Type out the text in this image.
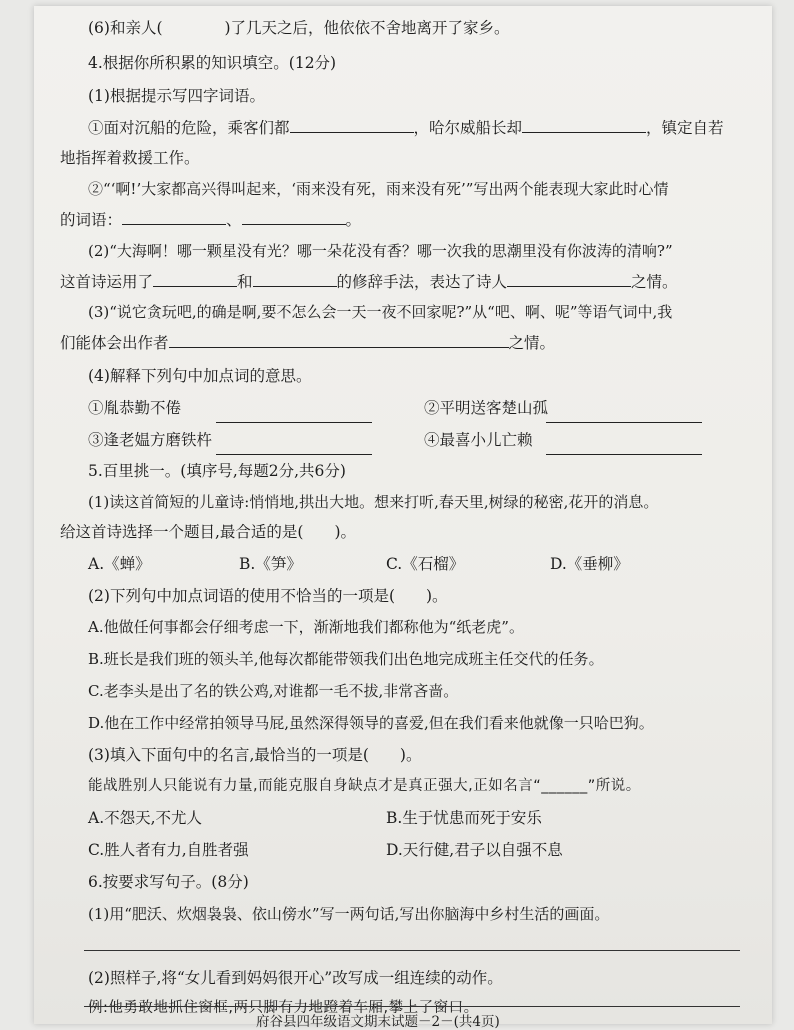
(6)和亲人(　　　　)了几天之后，他依依不舍地离开了家乡。
4.根据你所积累的知识填空。(12分)
(1)根据提示写四字词语。
①面对沉船的危险，乘客们都	，哈尔威船长却	，镇定自若
地指挥着救援工作。
②“‘啊!’大家都高兴得叫起来，‘雨来没有死，雨来没有死’”写出两个能表现大家此时心情
的词语：	、	。
(2)“大海啊！哪一颗星没有光？哪一朵花没有香？哪一次我的思潮里没有你波涛的清响?”
这首诗运用了	和	的修辞手法，表达了诗人	之情。
(3)“说它贪玩吧,的确是啊,要不怎么会一天一夜不回家呢?”从“吧、啊、呢”等语气词中,我
们能体会出作者	之情。
(4)解释下列句中加点词的意思。
①胤恭勤不倦	②平明送客楚山孤
③逢老媪方磨铁杵	④最喜小儿亡赖
5.百里挑一。(填序号,每题2分,共6分)
(1)读这首简短的儿童诗:悄悄地,拱出大地。想来打听,春天里,树绿的秘密,花开的消息。
给这首诗选择一个题目,最合适的是(　　)。
A.《蝉》	B.《笋》	C.《石榴》	D.《垂柳》
(2)下列句中加点词语的使用不恰当的一项是(　　)。
A.他做任何事都会仔细考虑一下，渐渐地我们都称他为“纸老虎”。
B.班长是我们班的领头羊,他每次都能带领我们出色地完成班主任交代的任务。
C.老李头是出了名的铁公鸡,对谁都一毛不拔,非常吝啬。
D.他在工作中经常拍领导马屁,虽然深得领导的喜爱,但在我们看来他就像一只哈巴狗。
(3)填入下面句中的名言,最恰当的一项是(　　)。
能战胜别人只能说有力量,而能克服自身缺点才是真正强大,正如名言“______”所说。
A.不怨天,不尤人	B.生于忧患而死于安乐
C.胜人者有力,自胜者强	D.天行健,君子以自强不息
6.按要求写句子。(8分)
(1)用“肥沃、炊烟袅袅、依山傍水”写一两句话,写出你脑海中乡村生活的画面。
(2)照样子,将“女儿看到妈妈很开心”改写成一组连续的动作。
例:他勇敢地抓住窗框,两只脚有力地蹬着车厢,攀上了窗口。
府谷县四年级语文期末试题－2－(共4页)
